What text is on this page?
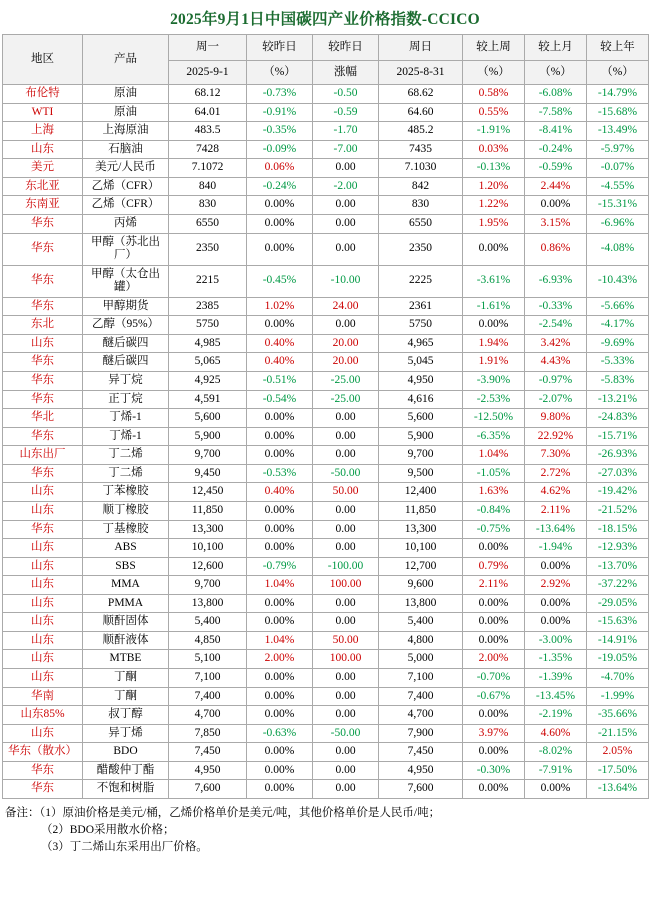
2025年9月1日中国碳四产业价格指数-CCICO
地区	产品	周一	较昨日	较昨日	周日	较上周	较上月	较上年
		2025-9-1	（%）	涨幅	2025-8-31	（%）	（%）	（%）
布伦特	原油	68.12	-0.73%	-0.50	68.62	0.58%	-6.08%	-14.79%
WTI	原油	64.01	-0.91%	-0.59	64.60	0.55%	-7.58%	-15.68%
上海	上海原油	483.5	-0.35%	-1.70	485.2	-1.91%	-8.41%	-13.49%
山东	石脑油	7428	-0.09%	-7.00	7435	0.03%	-0.24%	-5.97%
美元	美元/人民币	7.1072	0.06%	0.00	7.1030	-0.13%	-0.59%	-0.07%
东北亚	乙烯（CFR）	840	-0.24%	-2.00	842	1.20%	2.44%	-4.55%
东南亚	乙烯（CFR）	830	0.00%	0.00	830	1.22%	0.00%	-15.31%
华东	丙烯	6550	0.00%	0.00	6550	1.95%	3.15%	-6.96%
华东	甲醇（苏北出厂）	2350	0.00%	0.00	2350	0.00%	0.86%	-4.08%
华东	甲醇（太仓出罐）	2215	-0.45%	-10.00	2225	-3.61%	-6.93%	-10.43%
华东	甲醇期货	2385	1.02%	24.00	2361	-1.61%	-0.33%	-5.66%
东北	乙醇（95%）	5750	0.00%	0.00	5750	0.00%	-2.54%	-4.17%
山东	醚后碳四	4,985	0.40%	20.00	4,965	1.94%	3.42%	-9.69%
华东	醚后碳四	5,065	0.40%	20.00	5,045	1.91%	4.43%	-5.33%
华东	异丁烷	4,925	-0.51%	-25.00	4,950	-3.90%	-0.97%	-5.83%
华东	正丁烷	4,591	-0.54%	-25.00	4,616	-2.53%	-2.07%	-13.21%
华北	丁烯-1	5,600	0.00%	0.00	5,600	-12.50%	9.80%	-24.83%
华东	丁烯-1	5,900	0.00%	0.00	5,900	-6.35%	22.92%	-15.71%
山东出厂	丁二烯	9,700	0.00%	0.00	9,700	1.04%	7.30%	-26.93%
华东	丁二烯	9,450	-0.53%	-50.00	9,500	-1.05%	2.72%	-27.03%
山东	丁苯橡胶	12,450	0.40%	50.00	12,400	1.63%	4.62%	-19.42%
山东	顺丁橡胶	11,850	0.00%	0.00	11,850	-0.84%	2.11%	-21.52%
华东	丁基橡胶	13,300	0.00%	0.00	13,300	-0.75%	-13.64%	-18.15%
山东	ABS	10,100	0.00%	0.00	10,100	0.00%	-1.94%	-12.93%
山东	SBS	12,600	-0.79%	-100.00	12,700	0.79%	0.00%	-13.70%
山东	MMA	9,700	1.04%	100.00	9,600	2.11%	2.92%	-37.22%
山东	PMMA	13,800	0.00%	0.00	13,800	0.00%	0.00%	-29.05%
山东	顺酐固体	5,400	0.00%	0.00	5,400	0.00%	0.00%	-15.63%
山东	顺酐液体	4,850	1.04%	50.00	4,800	0.00%	-3.00%	-14.91%
山东	MTBE	5,100	2.00%	100.00	5,000	2.00%	-1.35%	-19.05%
山东	丁酮	7,100	0.00%	0.00	7,100	-0.70%	-1.39%	-4.70%
华南	丁酮	7,400	0.00%	0.00	7,400	-0.67%	-13.45%	-1.99%
山东85%	叔丁醇	4,700	0.00%	0.00	4,700	0.00%	-2.19%	-35.66%
山东	异丁烯	7,850	-0.63%	-50.00	7,900	3.97%	4.60%	-21.15%
华东（散水）	BDO	7,450	0.00%	0.00	7,450	0.00%	-8.02%	2.05%
华东	醋酸仲丁酯	4,950	0.00%	0.00	4,950	-0.30%	-7.91%	-17.50%
华东	不饱和树脂	7,600	0.00%	0.00	7,600	0.00%	0.00%	-13.64%
备注：（1）原油价格是美元/桶，乙烯价格单价是美元/吨，其他价格单价是人民币/吨；
（2）BDO采用散水价格；
（3）丁二烯山东采用出厂价格。
